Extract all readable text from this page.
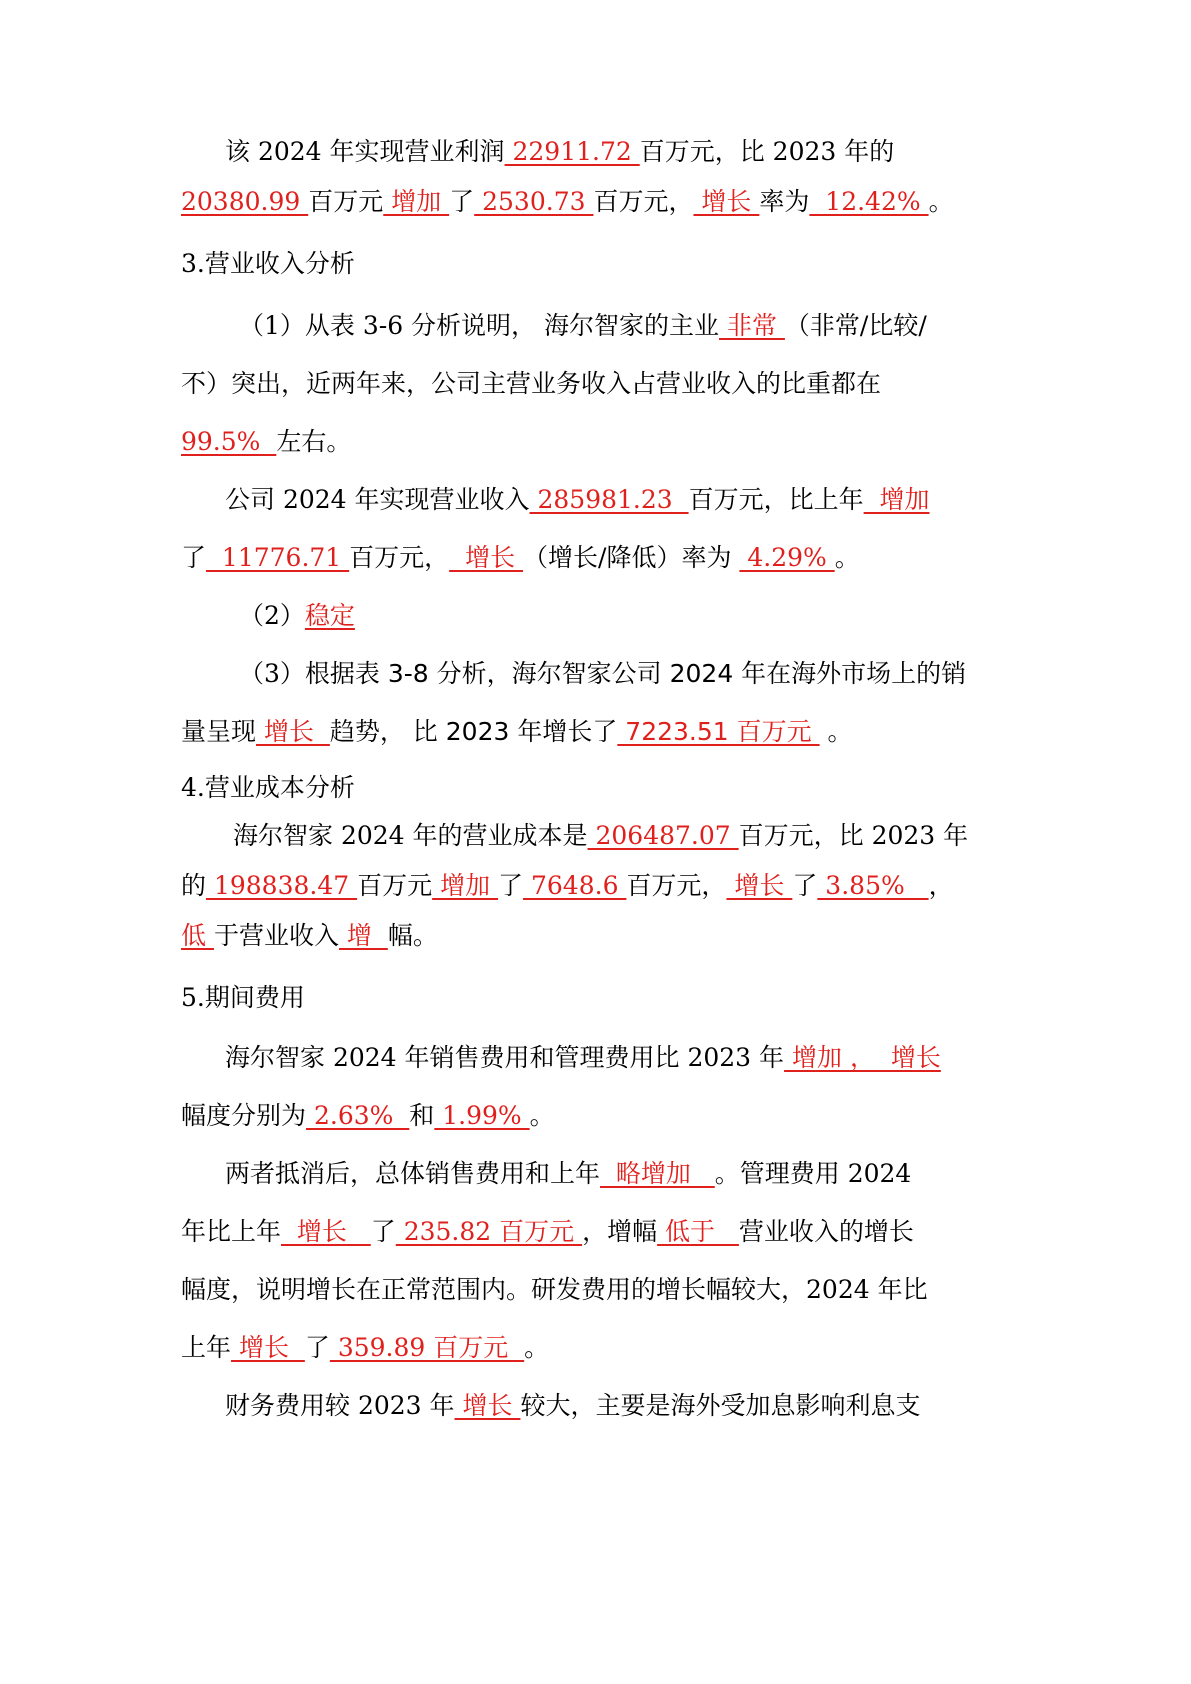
该 2024 年实现营业利润 22911.72 百万元，比 2023 年的
20380.99 百万元 增加 了 2530.73 百万元， 增长 率为  12.42% 。
3.营业收入分析
（1）从表 3-6 分析说明， 海尔智家的主业 非常 （非常/比较/
不）突出，近两年来，公司主营业务收入占营业收入的比重都在
99.5%  左右。
公司 2024 年实现营业收入 285981.23  百万元，比上年  增加
了  11776.71 百万元，  增长 （增长/降低）率为  4.29% 。
（2）稳定
（3）根据表 3-8 分析，海尔智家公司 2024 年在海外市场上的销
量呈现 增长  趋势， 比 2023 年增长了 7223.51 百万元  。
4.营业成本分析
海尔智家 2024 年的营业成本是 206487.07 百万元，比 2023 年
的 198838.47 百万元 增加 了 7648.6 百万元， 增长 了 3.85%   ，
低 于营业收入 增  幅。
5.期间费用
海尔智家 2024 年销售费用和管理费用比 2023 年 增加 ，  增长
幅度分别为 2.63%  和 1.99% 。
两者抵消后，总体销售费用和上年  略增加   。管理费用 2024
年比上年  增长   了 235.82 百万元 ，增幅 低于   营业收入的增长
幅度，说明增长在正常范围内。研发费用的增长幅较大，2024 年比
上年 增长  了 359.89 百万元  。
财务费用较 2023 年 增长 较大，主要是海外受加息影响利息支
